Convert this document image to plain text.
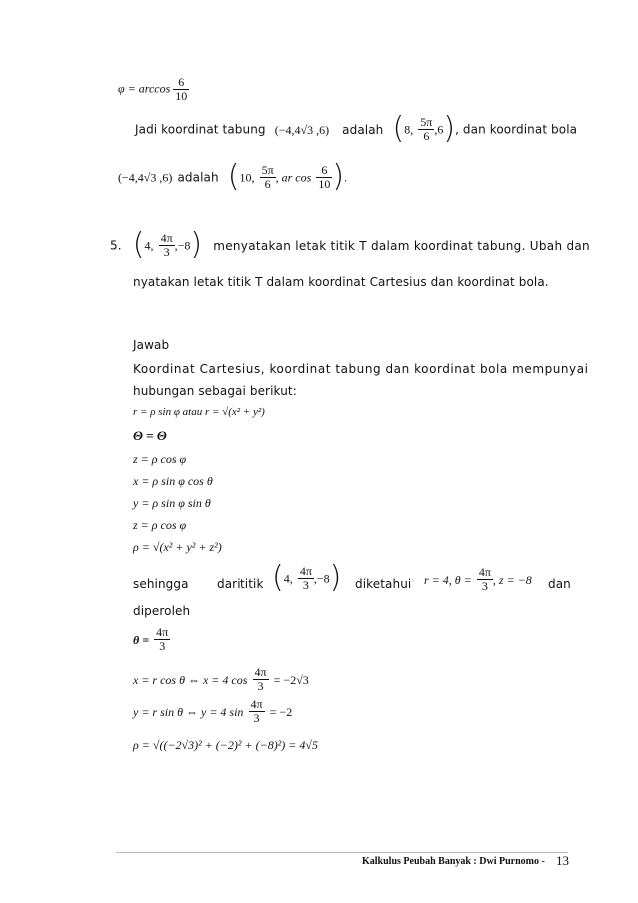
$\varphi = \arccos \frac{6}{10}$
Jadi koordinat tabung (−4,4√3 ,6) adalah (8, $\frac{5\pi}{6} ,6$), dan koordinat bola
(−4,4√3 ,6) adalah (10, $\frac{5\pi}{6}$ , ar $\cos \frac{6}{10}$ ).
5. (4, $\frac{4\pi}{3} ,-8$) menyatakan letak titik T dalam koordinat tabung. Ubah dan
nyatakan letak titik T dalam koordinat Cartesius dan koordinat bola.
Jawab
Koordinat Cartesius, koordinat tabung dan koordinat bola mempunyai
hubungan sebagai berikut:
r = ρ sin φ atau r = √(x² + y²)
Θ = Θ
z = ρ cos φ
x = ρ sin φ cos θ
y = ρ sin φ sin θ
z = ρ cos φ
ρ = √(x² + y² + z²)
sehingga dari titik (4, $\frac{4\pi}{3} ,-8$) diketahui r = 4, $\theta = \frac{4\pi}{3}$ , z = −8 dan
diperoleh
$\theta = \frac{4\pi}{3}$
x = r cos θ ⇔ x = 4 $\cos \frac{4\pi}{3} = -2√3$
y = r sin θ ⇔ y = 4 $\sin \frac{4\pi}{3} = -2$
ρ = √((−2√3)² + (−2)² + (−8)²) = 4√5
Kalkulus Peubah Banyak : Dwi Purnomo - 13
